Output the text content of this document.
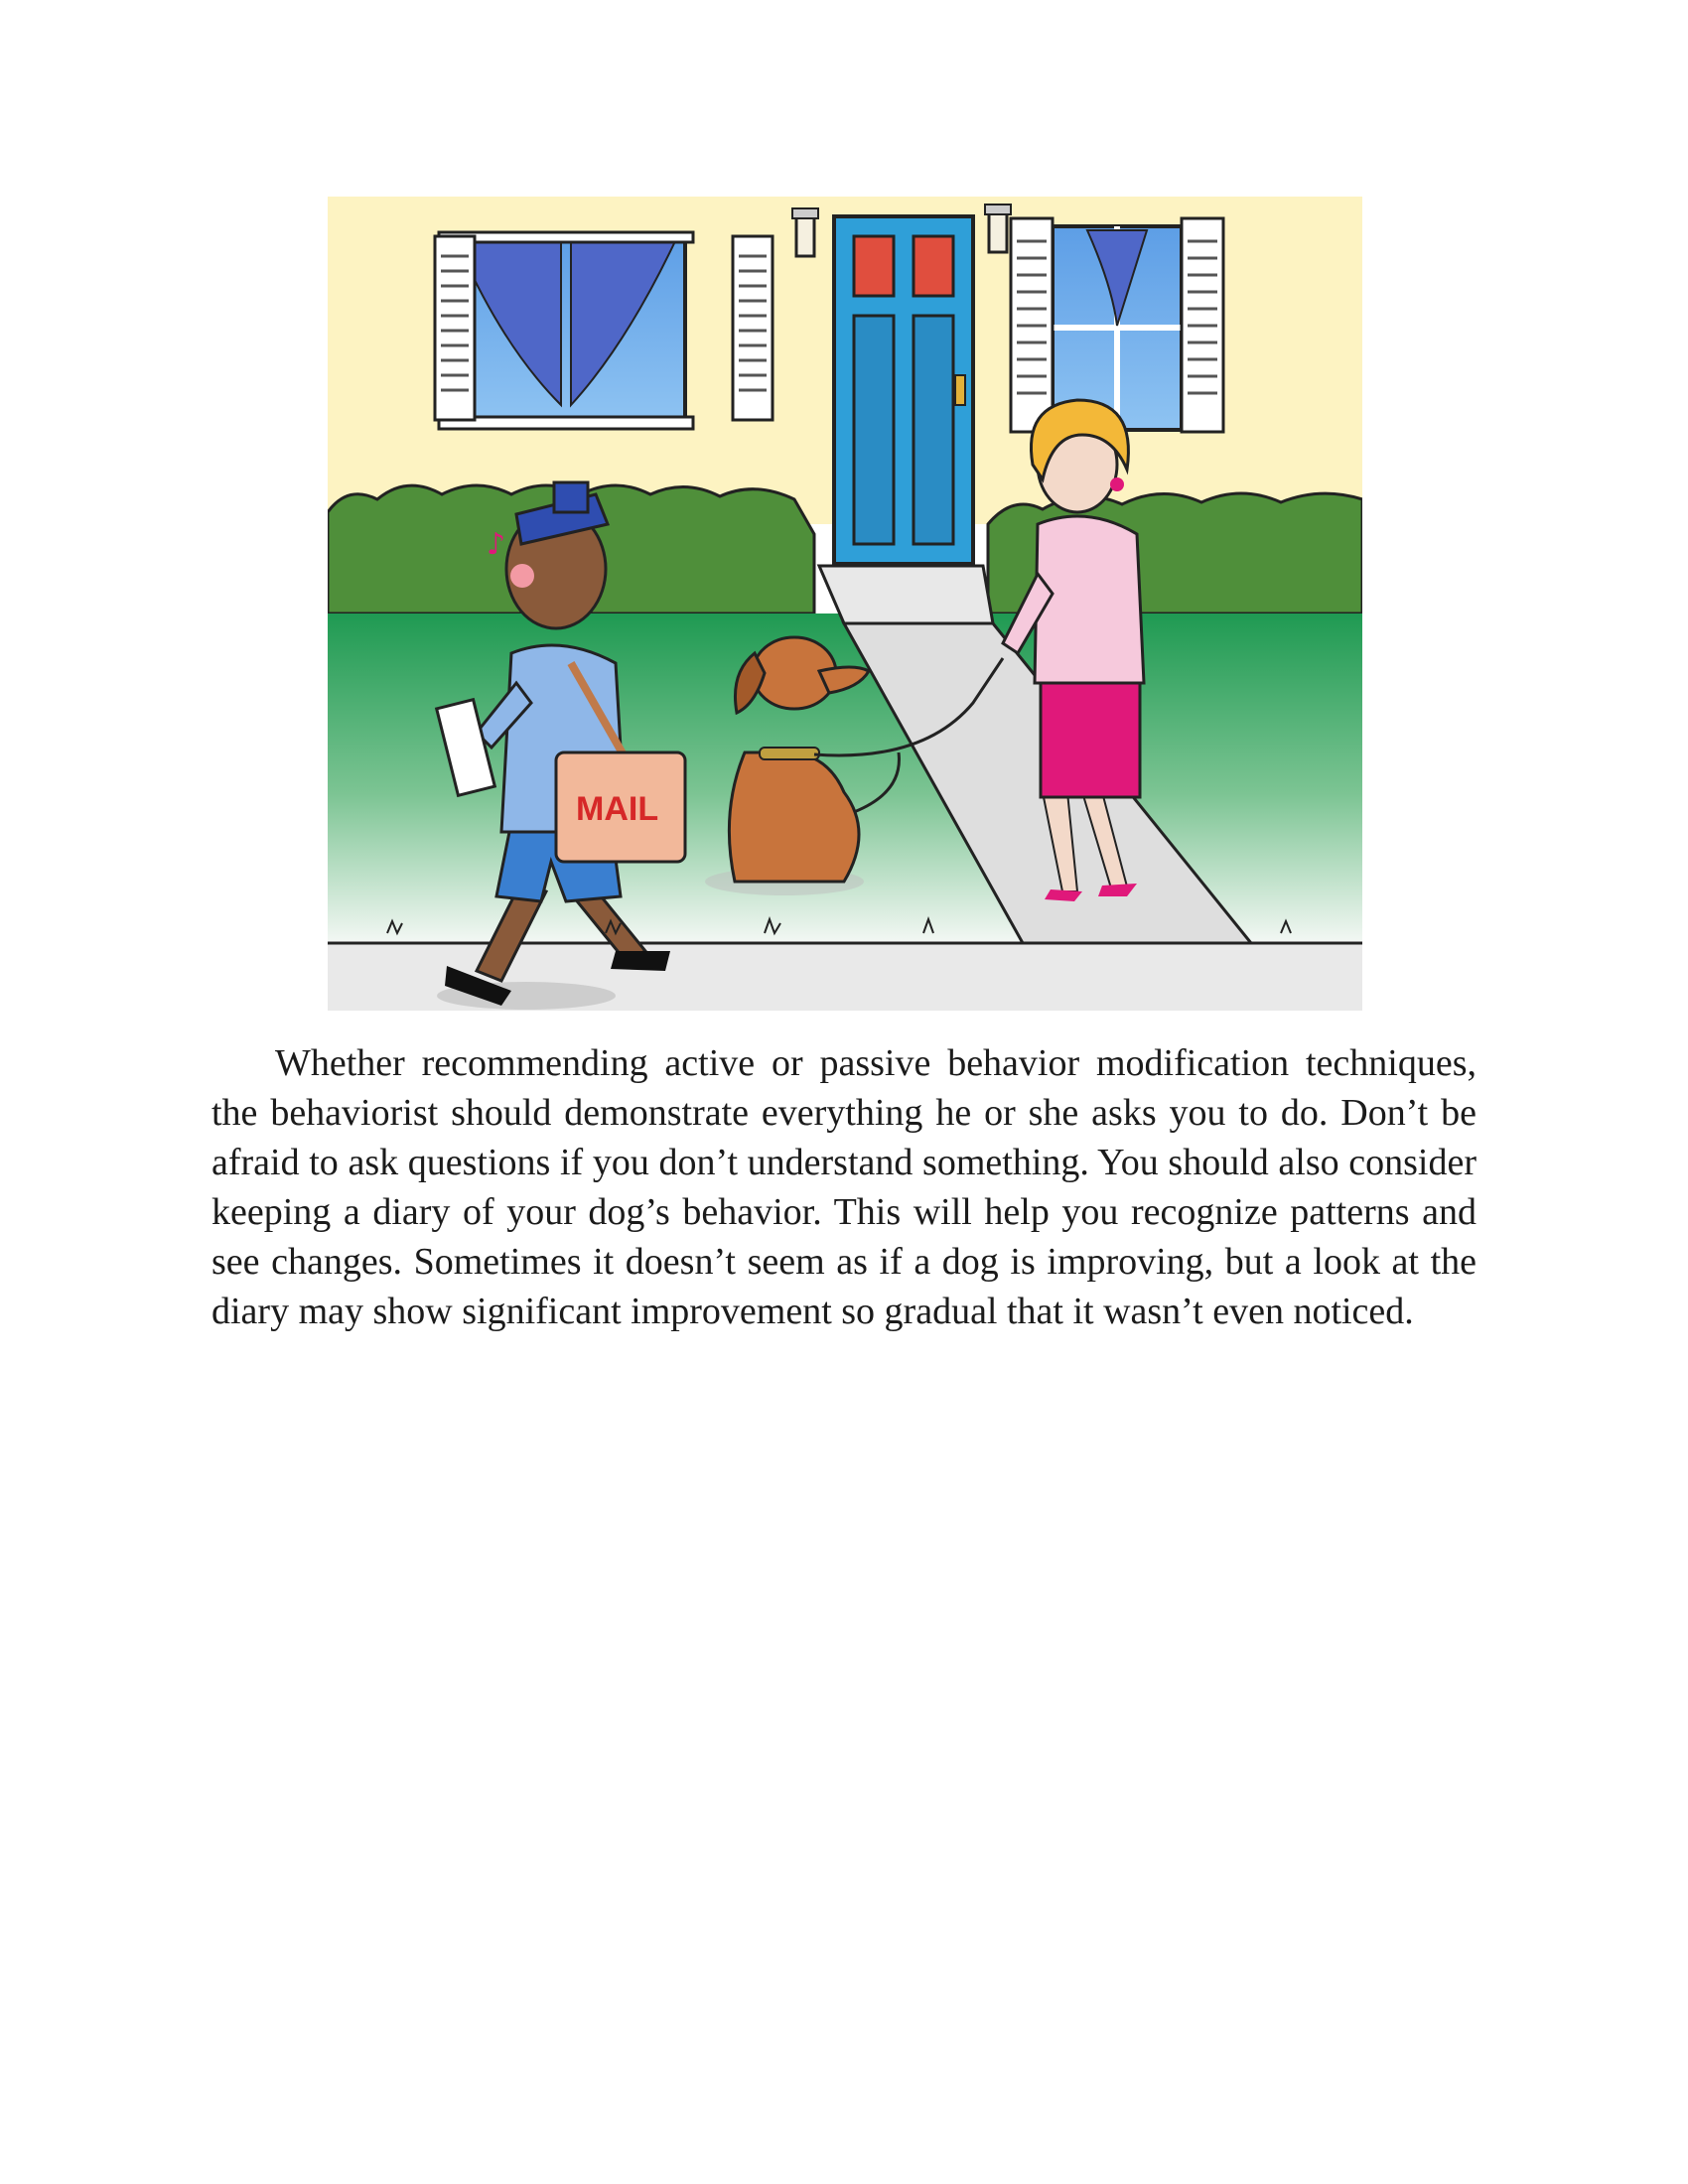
♪
MAIL

Whether recommending active or passive behavior modification techniques, the behaviorist should demonstrate everything he or she asks you to do. Don’t be afraid to ask questions if you don’t understand something. You should also consider keeping a diary of your dog’s behavior. This will help you recognize patterns and see changes. Sometimes it doesn’t seem as if a dog is improving, but a look at the diary may show significant improvement so gradual that it wasn’t even noticed.
